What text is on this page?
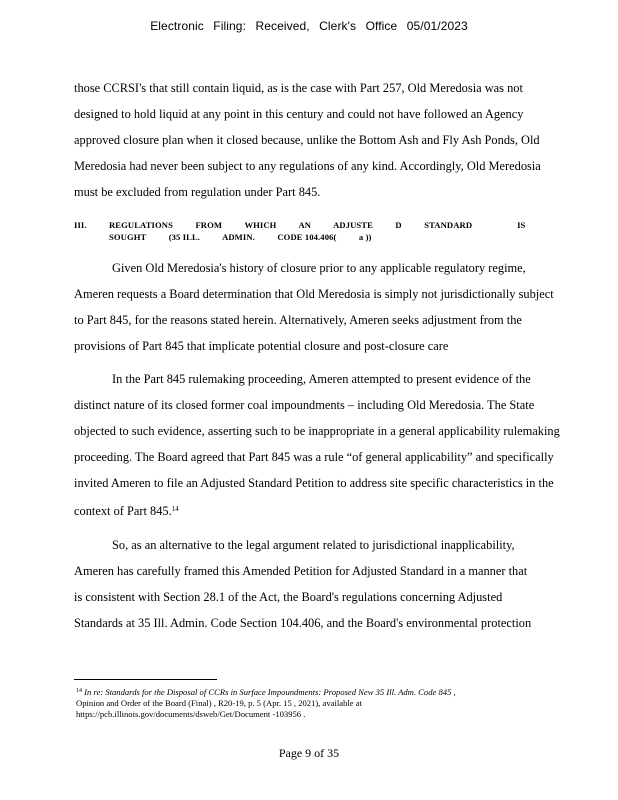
Electronic Filing: Received, Clerk's Office 05/01/2023

those CCRSI's that still contain liquid, as is the case with Part 257, Old Meredosia was not
designed to hold liquid at any point in this century and could not have followed an Agency
approved closure plan when it closed because, unlike the Bottom Ash and Fly Ash Ponds, Old
Meredosia had never been subject to any regulations of any kind. Accordingly, Old Meredosia
must be excluded from regulation under Part 845.

III.	REGULATIONS          FROM          WHICH          AN          ADJUSTE          D          STANDARD                    IS
SOUGHT          (35 ILL.          ADMIN.          CODE 104.406(          a ))

Given Old Meredosia's history of closure prior to any applicable regulatory regime,
Ameren requests a Board determination that Old Meredosia is simply not jurisdictionally subject
to Part 845, for the reasons stated herein. Alternatively, Ameren seeks adjustment from the
provisions of Part 845 that implicate potential closure and post-closure care

In the Part 845 rulemaking proceeding, Ameren attempted to present evidence of the
distinct nature of its closed former coal impoundments – including Old Meredosia. The State
objected to such evidence, asserting such to be inappropriate in a general applicability rulemaking
proceeding. The Board agreed that Part 845 was a rule “of general applicability” and specifically
invited Ameren to file an Adjusted Standard Petition to address site specific characteristics in the
context of Part 845.14

So, as an alternative to the legal argument related to jurisdictional inapplicability,
Ameren has carefully framed this Amended Petition for Adjusted Standard in a manner that
is consistent with Section 28.1 of the Act, the Board's regulations concerning Adjusted
Standards at 35 Ill. Admin. Code Section 104.406, and the Board's environmental protection

$^{14}$ In re: Standards for the Disposal of CCRs in Surface Impoundments: Proposed New 35 Ill. Adm. Code 845 ,
Opinion and Order of the Board (Final) , R20-19, p. 5 (Apr. 15 , 2021), available at
https://pcb.illinois.gov/documents/dsweb/Get/Document -103956 .
Page 9 of 35
